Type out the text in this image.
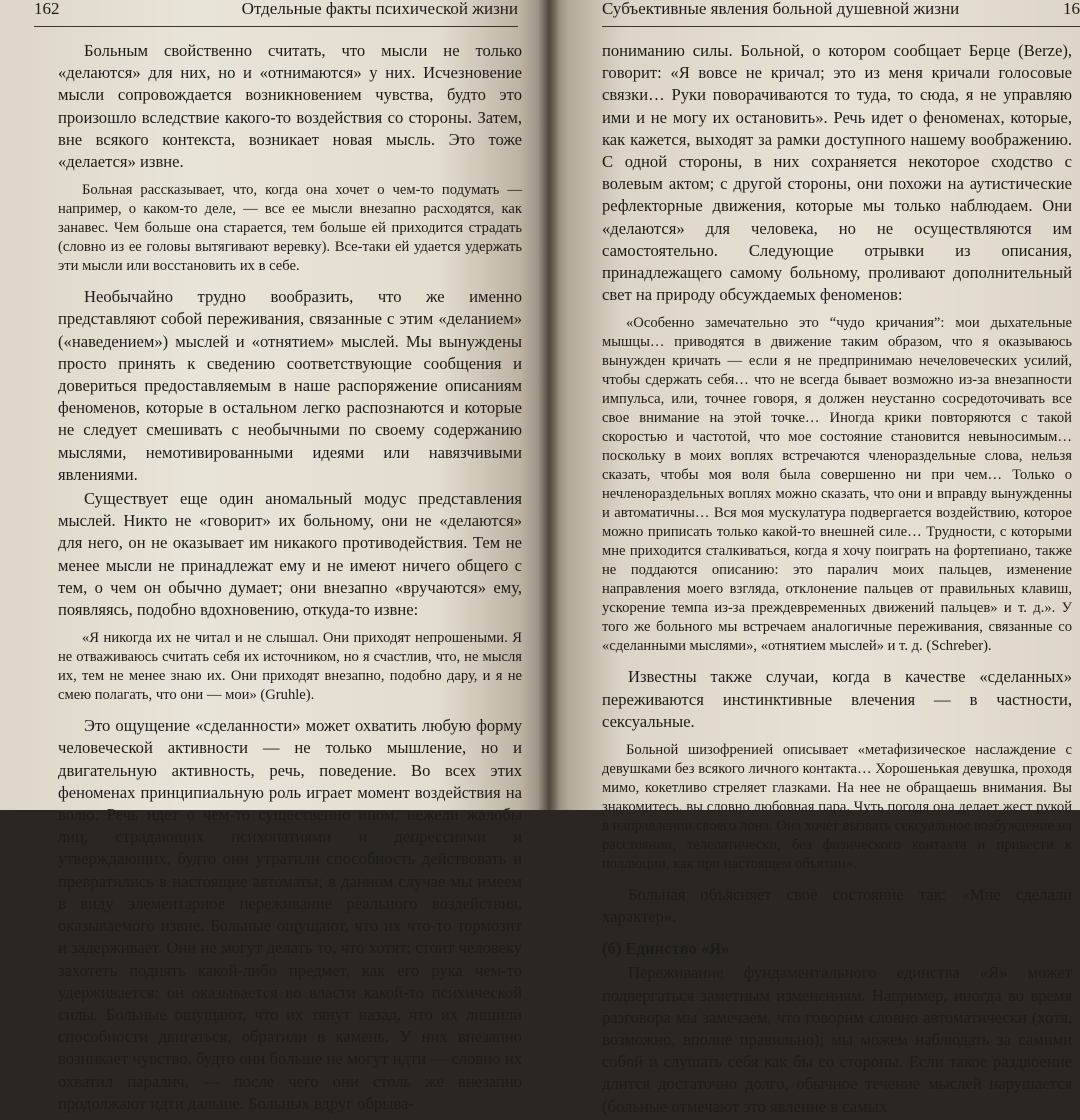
162	Отдельные факты психической жизни

Больным свойственно считать, что мысли не только «делаются» для них, но и «отнимаются» у них. Исчезновение мысли сопровождается возникновением чувства, будто это произошло вследствие какого-то воздействия со стороны. Затем, вне всякого контекста, возникает новая мысль. Это тоже «делается» извне.

Больная рассказывает, что, когда она хочет о чем-то подумать — например, о каком-то деле, — все ее мысли внезапно расходятся, как занавес. Чем больше она старается, тем больше ей приходится страдать (словно из ее головы вытягивают веревку). Все-таки ей удается удержать эти мысли или восстановить их в себе.

Необычайно трудно вообразить, что же именно представляют собой переживания, связанные с этим «деланием» («наведением») мыслей и «отнятием» мыслей. Мы вынуждены просто принять к сведению соответствующие сообщения и довериться предоставляемым в наше распоряжение описаниям феноменов, которые в остальном легко распознаются и которые не следует смешивать с необычными по своему содержанию мыслями, немотивированными идеями или навязчивыми явлениями.

Существует еще один аномальный модус представления мыслей. Никто не «говорит» их больному, они не «делаются» для него, он не оказывает им никакого противодействия. Тем не менее мысли не принадлежат ему и не имеют ничего общего с тем, о чем он обычно думает; они внезапно «вручаются» ему, появляясь, подобно вдохновению, откуда-то извне:

«Я никогда их не читал и не слышал. Они приходят непрошеными. Я не отваживаюсь считать себя их источником, но я счастлив, что, не мысля их, тем не менее знаю их. Они приходят внезапно, подобно дару, и я не смею полагать, что они — мои» (Gruhle).

Это ощущение «сделанности» может охватить любую форму человеческой активности — не только мышление, но и двигательную активность, речь, поведение. Во всех этих феноменах принципиальную роль играет момент воздействия на волю. Речь идет о чем-то существенно ином, нежели жалобы лиц, страдающих психопатиями и депрессиями и утверждающих, будто они утратили способность действовать и превратились в настоящие автоматы; в данном случае мы имеем в виду элементарное переживание реального воздействия, оказываемого извне. Больные ощущают, что их что-то тормозит и задерживает. Они не могут делать то, что хотят: стоит человеку захотеть поднять какой-либо предмет, как его рука чем-то удерживается; он оказывается во власти какой-то психической силы. Больные ощущают, что их тянут назад, что их лишили способности двигаться, обратили в камень. У них внезапно возникает чувство, будто они больше не могут идти — словно их охватил паралич, — после чего они столь же внезапно продолжают идти дальше. Больных вдруг обрыва-

Субъективные явления больной душевной жизни	16

пониманию силы. Больной, о котором сообщает Берце (Berze), говорит: «Я вовсе не кричал; это из меня кричали голосовые связки… Руки поворачиваются то туда, то сюда, я не управляю ими и не могу их остановить». Речь идет о феноменах, которые, как кажется, выходят за рамки доступного нашему воображению. С одной стороны, в них сохраняется некоторое сходство с волевым актом; с другой стороны, они похожи на аутистические рефлекторные движения, которые мы только наблюдаем. Они «делаются» для человека, но не осуществляются им самостоятельно. Следующие отрывки из описания, принадлежащего самому больному, проливают дополнительный свет на природу обсуждаемых феноменов:

«Особенно замечательно это “чудо кричания”: мои дыхательные мышцы… приводятся в движение таким образом, что я оказываюсь вынужден кричать — если я не предпринимаю нечеловеческих усилий, чтобы сдержать себя… что не всегда бывает возможно из-за внезапности импульса, или, точнее говоря, я должен неустанно сосредоточивать все свое внимание на этой точке… Иногда крики повторяются с такой скоростью и частотой, что мое состояние становится невыносимым… поскольку в моих воплях встречаются членораздельные слова, нельзя сказать, чтобы моя воля была совершенно ни при чем… Только о нечленораздельных воплях можно сказать, что они и вправду вынужденны и автоматичны… Вся моя мускулатура подвергается воздействию, которое можно приписать только какой-то внешней силе… Трудности, с которыми мне приходится сталкиваться, когда я хочу поиграть на фортепиано, также не поддаются описанию: это паралич моих пальцев, изменение направления моего взгляда, отклонение пальцев от правильных клавиш, ускорение темпа из-за преждевременных движений пальцев» и т. д.». У того же больного мы встречаем аналогичные переживания, связанные со «сделанными мыслями», «отнятием мыслей» и т. д. (Schreber).

Известны также случаи, когда в качестве «сделанных» переживаются инстинктивные влечения — в частности, сексуальные.

Больной шизофренией описывает «метафизическое наслаждение с девушками без всякого личного контакта… Хорошенькая девушка, проходя мимо, кокетливо стреляет глазками. На нее не обращаешь внимания. Вы знакомитесь, вы словно любовная пара. Чуть погодя она делает жест рукой в направлении своего лона. Она хочет вызвать сексуальное возбуждение на расстоянии, телепатически, без физического контакта и привести к поллюции, как при настоящем объятии».

Больная объясняет свое состояние так: «Мне сделали характер».

(б) Единство «Я»

Переживание фундаментального единства «Я» может подвергаться заметным изменениям. Например, иногда во время разговора мы замечаем, что говорим словно автоматически (хотя, возможно, вполне правильно); мы можем наблюдать за самими собой и слушать себя как бы со стороны. Если такое раздвоение длится достаточно долго, обычное течение мыслей нарушается (больные отмечают это явление в самых
